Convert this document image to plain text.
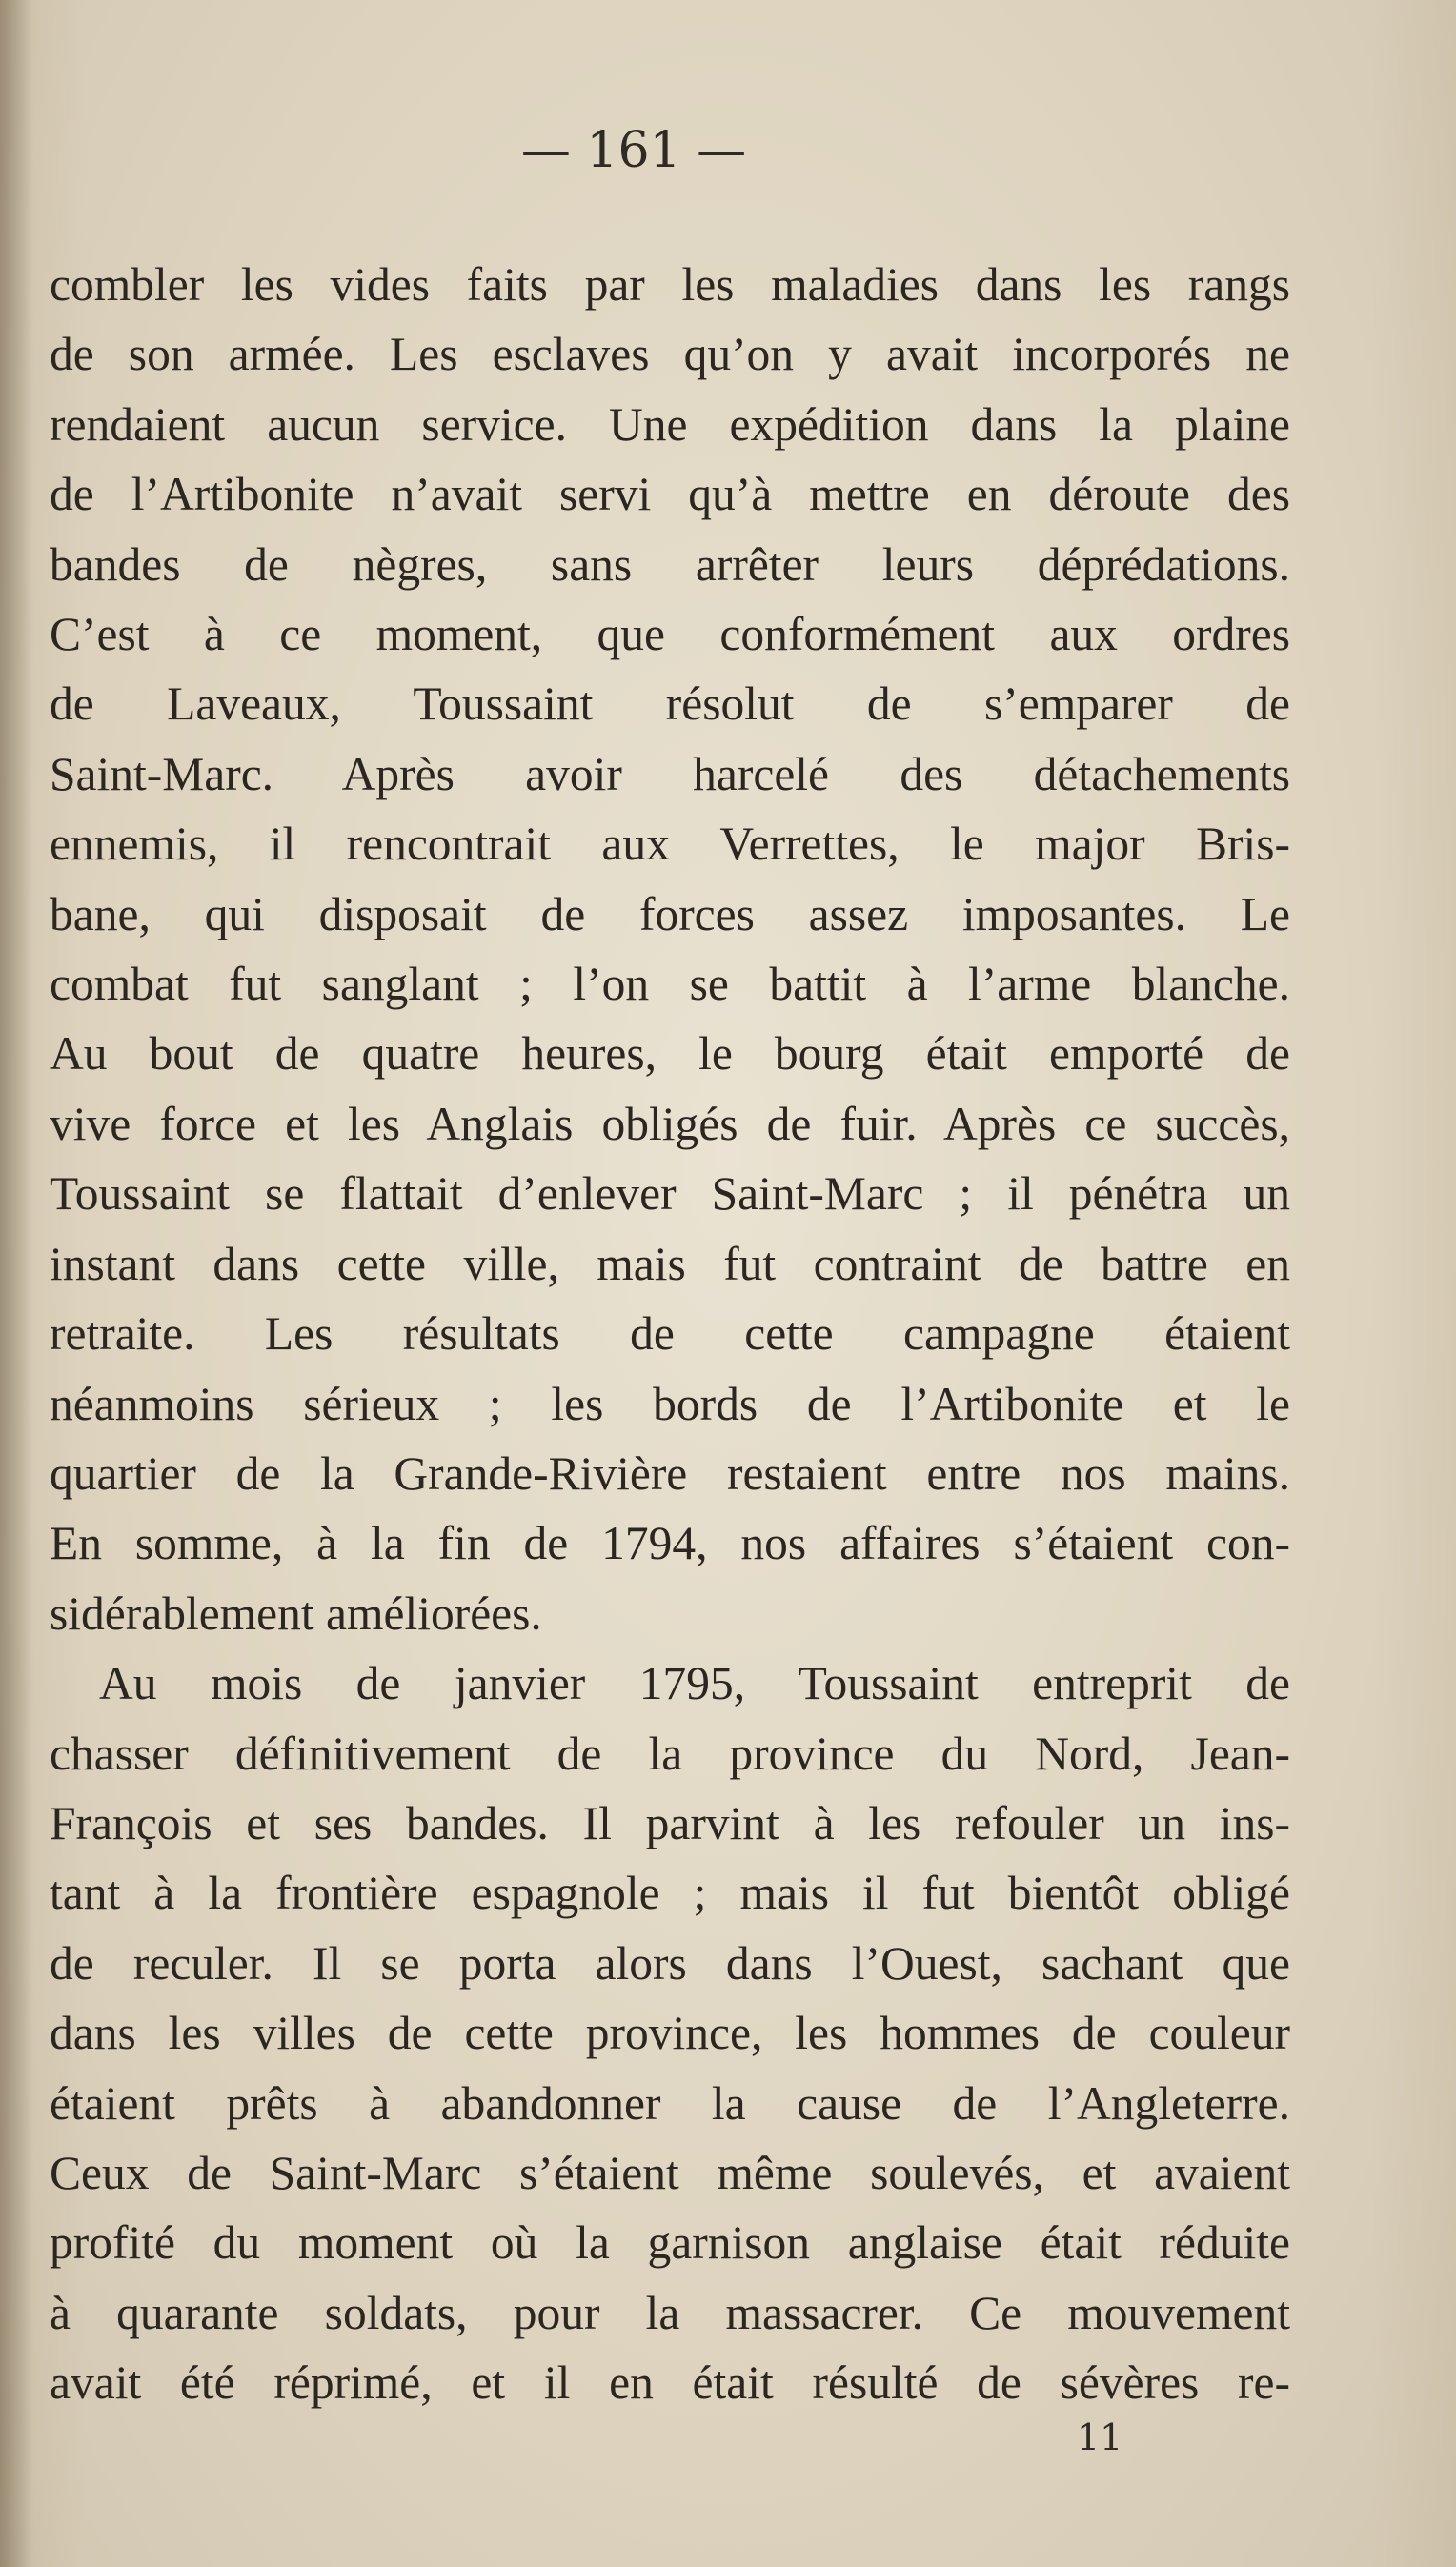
— 161 —
combler les vides faits par les maladies dans les rangs
de son armée. Les esclaves qu’on y avait incorporés ne
rendaient aucun service. Une expédition dans la plaine
de l’Artibonite n’avait servi qu’à mettre en déroute des
bandes de nègres, sans arrêter leurs déprédations.
C’est à ce moment, que conformément aux ordres
de Laveaux, Toussaint résolut de s’emparer de
Saint-Marc. Après avoir harcelé des détachements
ennemis, il rencontrait aux Verrettes, le major Bris-
bane, qui disposait de forces assez imposantes. Le
combat fut sanglant ; l’on se battit à l’arme blanche.
Au bout de quatre heures, le bourg était emporté de
vive force et les Anglais obligés de fuir. Après ce succès,
Toussaint se flattait d’enlever Saint-Marc ; il pénétra un
instant dans cette ville, mais fut contraint de battre en
retraite. Les résultats de cette campagne étaient
néanmoins sérieux ; les bords de l’Artibonite et le
quartier de la Grande-Rivière restaient entre nos mains.
En somme, à la fin de 1794, nos affaires s’étaient con-
sidérablement améliorées.
Au mois de janvier 1795, Toussaint entreprit de
chasser définitivement de la province du Nord, Jean-
François et ses bandes. Il parvint à les refouler un ins-
tant à la frontière espagnole ; mais il fut bientôt obligé
de reculer. Il se porta alors dans l’Ouest, sachant que
dans les villes de cette province, les hommes de couleur
étaient prêts à abandonner la cause de l’Angleterre.
Ceux de Saint-Marc s’étaient même soulevés, et avaient
profité du moment où la garnison anglaise était réduite
à quarante soldats, pour la massacrer. Ce mouvement
avait été réprimé, et il en était résulté de sévères re-
11
